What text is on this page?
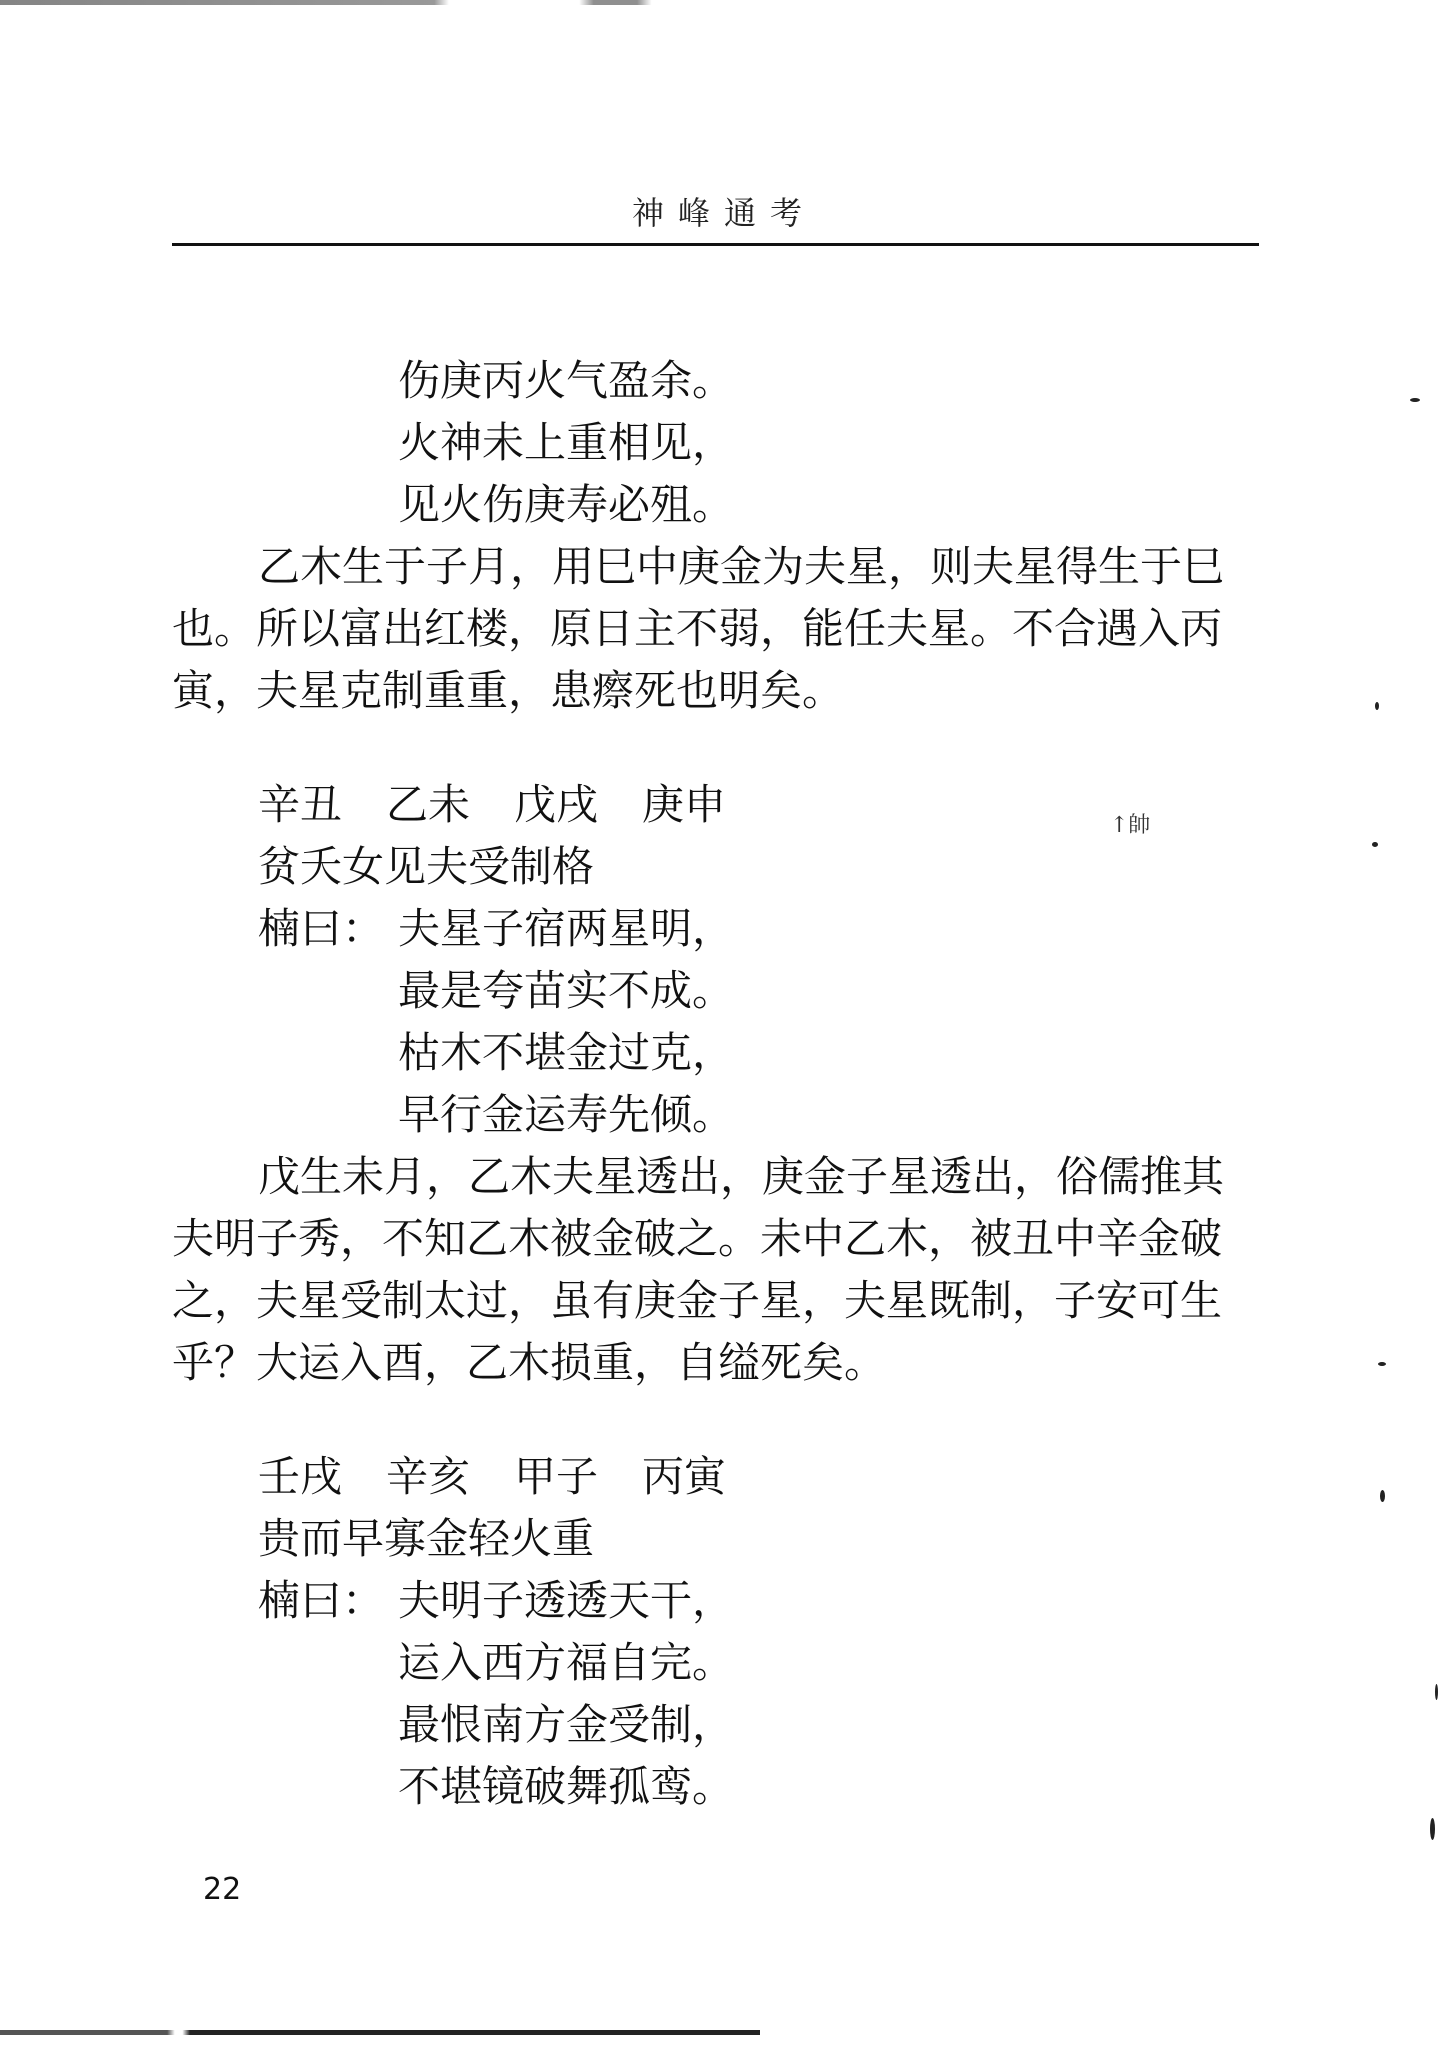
神峰通考
伤庚丙火气盈余。
火神未上重相见，
见火伤庚寿必殂。
乙木生于子月，用巳中庚金为夫星，则夫星得生于巳
也。所以富出红楼，原日主不弱，能任夫星。不合遇入丙
寅，夫星克制重重，患瘵死也明矣。
辛丑 乙未 戊戌 庚申	↑帥
贫夭女见夫受制格
楠曰： 夫星子宿两星明，
最是夸苗实不成。
枯木不堪金过克，
早行金运寿先倾。
戊生未月，乙木夫星透出，庚金子星透出，俗儒推其
夫明子秀，不知乙木被金破之。未中乙木，被丑中辛金破
之，夫星受制太过，虽有庚金子星，夫星既制，子安可生
乎？大运入酉，乙木损重，自缢死矣。
壬戌 辛亥 甲子 丙寅
贵而早寡金轻火重
楠曰： 夫明子透透天干，
运入西方福自完。
最恨南方金受制，
不堪镜破舞孤鸾。
22
